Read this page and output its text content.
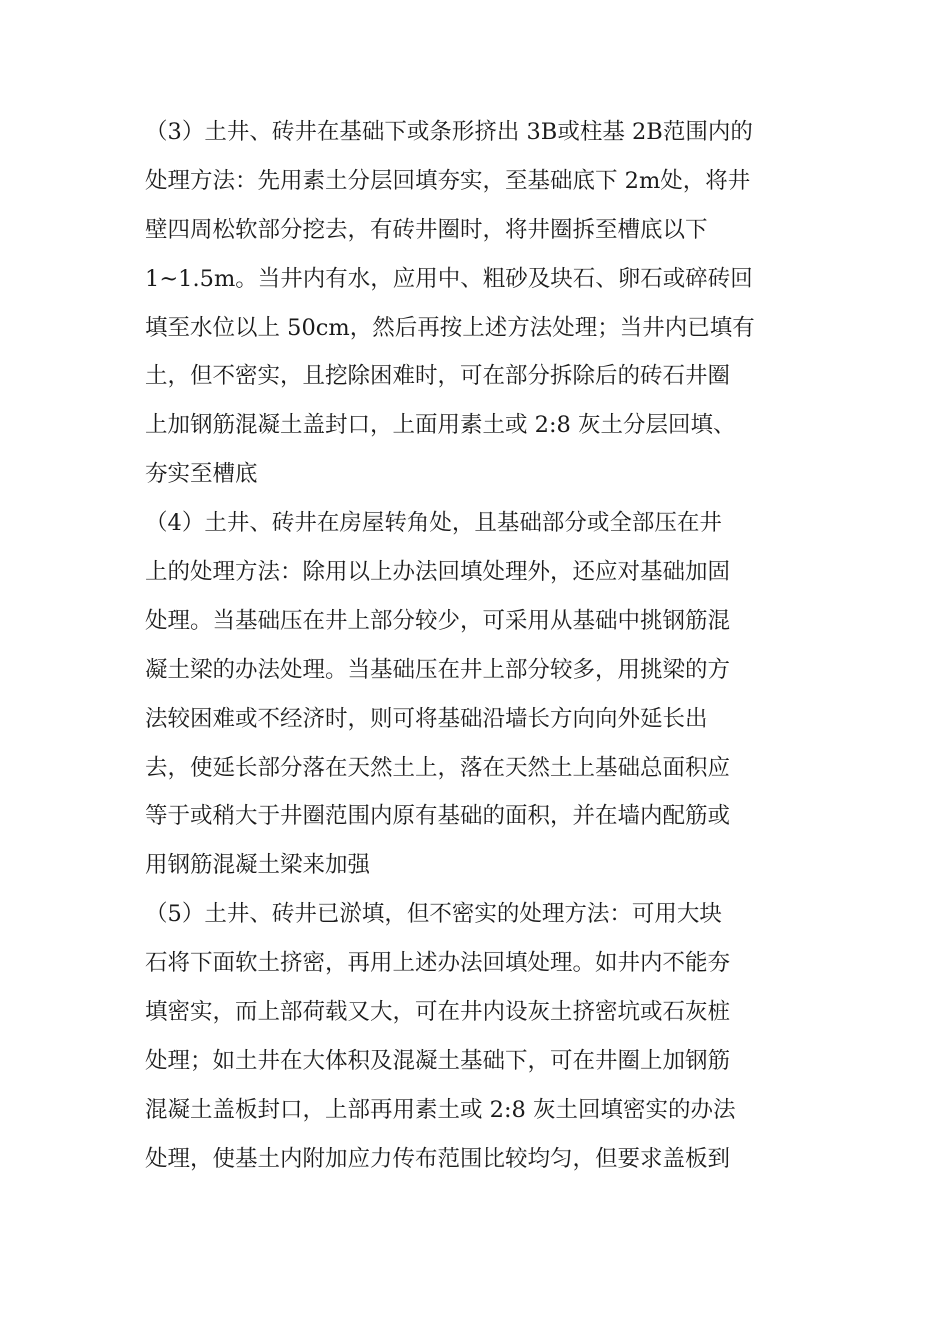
（3）土井、砖井在基础下或条形挤出 3B或柱基 2B范围内的
处理方法：先用素土分层回填夯实，至基础底下 2m处，将井
壁四周松软部分挖去，有砖井圈时，将井圈拆至槽底以下
1~1.5m。当井内有水，应用中、粗砂及块石、卵石或碎砖回
填至水位以上 50cm，然后再按上述方法处理；当井内已填有
土，但不密实，且挖除困难时，可在部分拆除后的砖石井圈
上加钢筋混凝土盖封口，上面用素土或 2:8 灰土分层回填、
夯实至槽底
（4）土井、砖井在房屋转角处，且基础部分或全部压在井
上的处理方法：除用以上办法回填处理外，还应对基础加固
处理。当基础压在井上部分较少，可采用从基础中挑钢筋混
凝土梁的办法处理。当基础压在井上部分较多，用挑梁的方
法较困难或不经济时，则可将基础沿墙长方向向外延长出
去，使延长部分落在天然土上，落在天然土上基础总面积应
等于或稍大于井圈范围内原有基础的面积，并在墙内配筋或
用钢筋混凝土梁来加强
（5）土井、砖井已淤填，但不密实的处理方法：可用大块
石将下面软土挤密，再用上述办法回填处理。如井内不能夯
填密实，而上部荷载又大，可在井内设灰土挤密坑或石灰桩
处理；如土井在大体积及混凝土基础下，可在井圈上加钢筋
混凝土盖板封口，上部再用素土或 2:8 灰土回填密实的办法
处理，使基土内附加应力传布范围比较均匀，但要求盖板到
